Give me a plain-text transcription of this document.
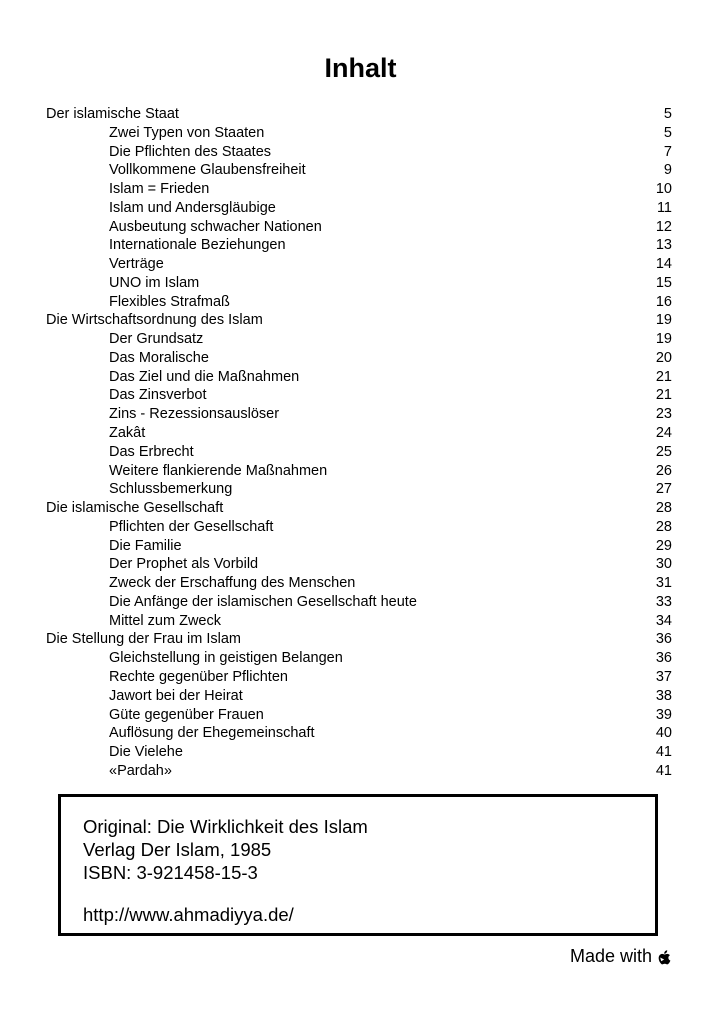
Inhalt
Der islamische Staat	5
Zwei Typen von Staaten	5
Die Pflichten des Staates	7
Vollkommene Glaubensfreiheit	9
Islam = Frieden	10
Islam und Andersgläubige	11
Ausbeutung schwacher Nationen	12
Internationale Beziehungen	13
Verträge	14
UNO im Islam	15
Flexibles Strafmaß	16
Die Wirtschaftsordnung des Islam	19
Der Grundsatz	19
Das Moralische	20
Das Ziel und die Maßnahmen	21
Das Zinsverbot	21
Zins - Rezessionsauslöser	23
Zakât	24
Das Erbrecht	25
Weitere flankierende Maßnahmen	26
Schlussbemerkung	27
Die islamische Gesellschaft	28
Pflichten der Gesellschaft	28
Die Familie	29
Der Prophet als Vorbild	30
Zweck der Erschaffung des Menschen	31
Die Anfänge der islamischen Gesellschaft heute	33
Mittel zum Zweck	34
Die Stellung der Frau im Islam	36
Gleichstellung in geistigen Belangen	36
Rechte gegenüber Pflichten	37
Jawort bei der Heirat	38
Güte gegenüber Frauen	39
Auflösung der Ehegemeinschaft	40
Die Vielehe	41
«Pardah»	41
Original: Die Wirklichkeit des Islam
Verlag Der Islam, 1985
ISBN: 3-921458-15-3
http://www.ahmadiyya.de/
Made with
